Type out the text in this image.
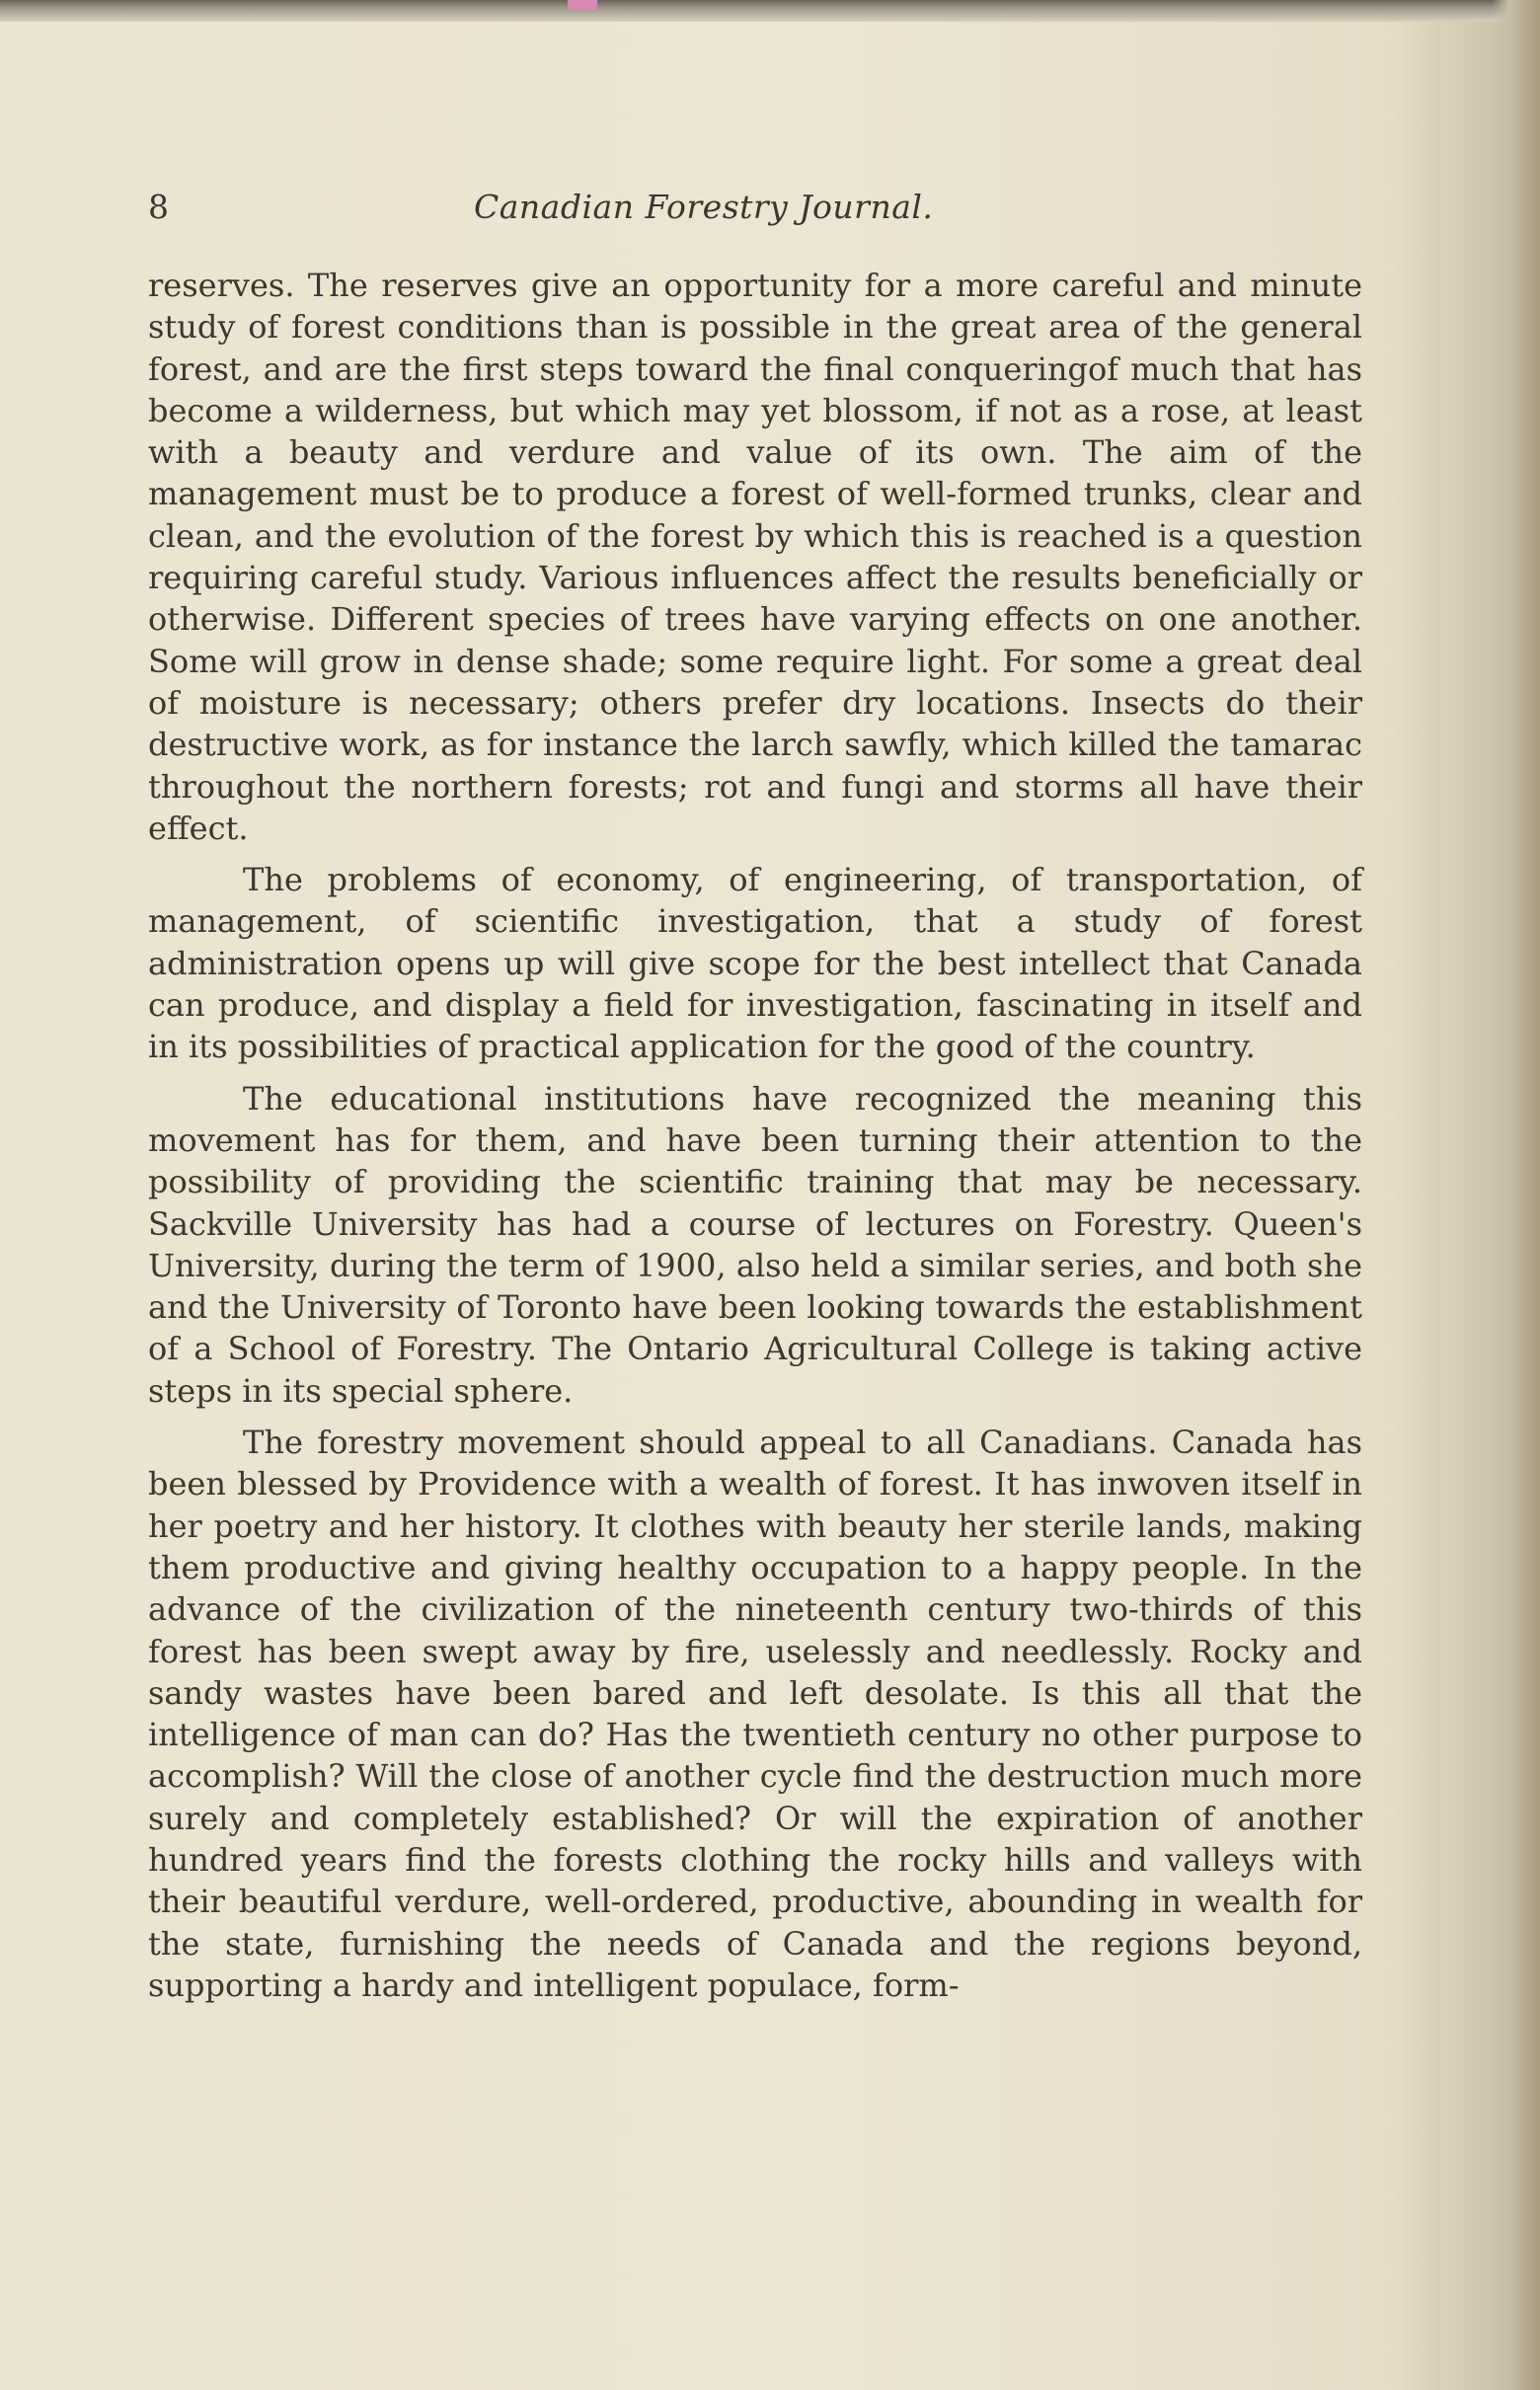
8	Canadian Forestry Journal.

reserves. The reserves give an opportunity for a more careful and minute study of forest conditions than is possible in the great area of the general forest, and are the first steps toward the final conqueringof much that has become a wilderness, but which may yet blossom, if not as a rose, at least with a beauty and verdure and value of its own. The aim of the management must be to produce a forest of well-formed trunks, clear and clean, and the evolution of the forest by which this is reached is a question requiring careful study. Various influences affect the results beneficially or otherwise. Different species of trees have varying effects on one another. Some will grow in dense shade; some require light. For some a great deal of moisture is necessary; others prefer dry locations. Insects do their destructive work, as for instance the larch sawfly, which killed the tamarac throughout the northern forests; rot and fungi and storms all have their effect.

The problems of economy, of engineering, of transportation, of management, of scientific investigation, that a study of forest administration opens up will give scope for the best intellect that Canada can produce, and display a field for investigation, fascinating in itself and in its possibilities of practical application for the good of the country.

The educational institutions have recognized the meaning this movement has for them, and have been turning their attention to the possibility of providing the scientific training that may be necessary. Sackville University has had a course of lectures on Forestry. Queen's University, during the term of 1900, also held a similar series, and both she and the University of Toronto have been looking towards the establishment of a School of Forestry. The Ontario Agricultural College is taking active steps in its special sphere.

The forestry movement should appeal to all Canadians. Canada has been blessed by Providence with a wealth of forest. It has inwoven itself in her poetry and her history. It clothes with beauty her sterile lands, making them productive and giving healthy occupation to a happy people. In the advance of the civilization of the nineteenth century two-thirds of this forest has been swept away by fire, uselessly and needlessly. Rocky and sandy wastes have been bared and left desolate. Is this all that the intelligence of man can do? Has the twentieth century no other purpose to accomplish? Will the close of another cycle find the destruction much more surely and completely established? Or will the expiration of another hundred years find the forests clothing the rocky hills and valleys with their beautiful verdure, well-ordered, productive, abounding in wealth for the state, furnishing the needs of Canada and the regions beyond, supporting a hardy and intelligent populace, form-
